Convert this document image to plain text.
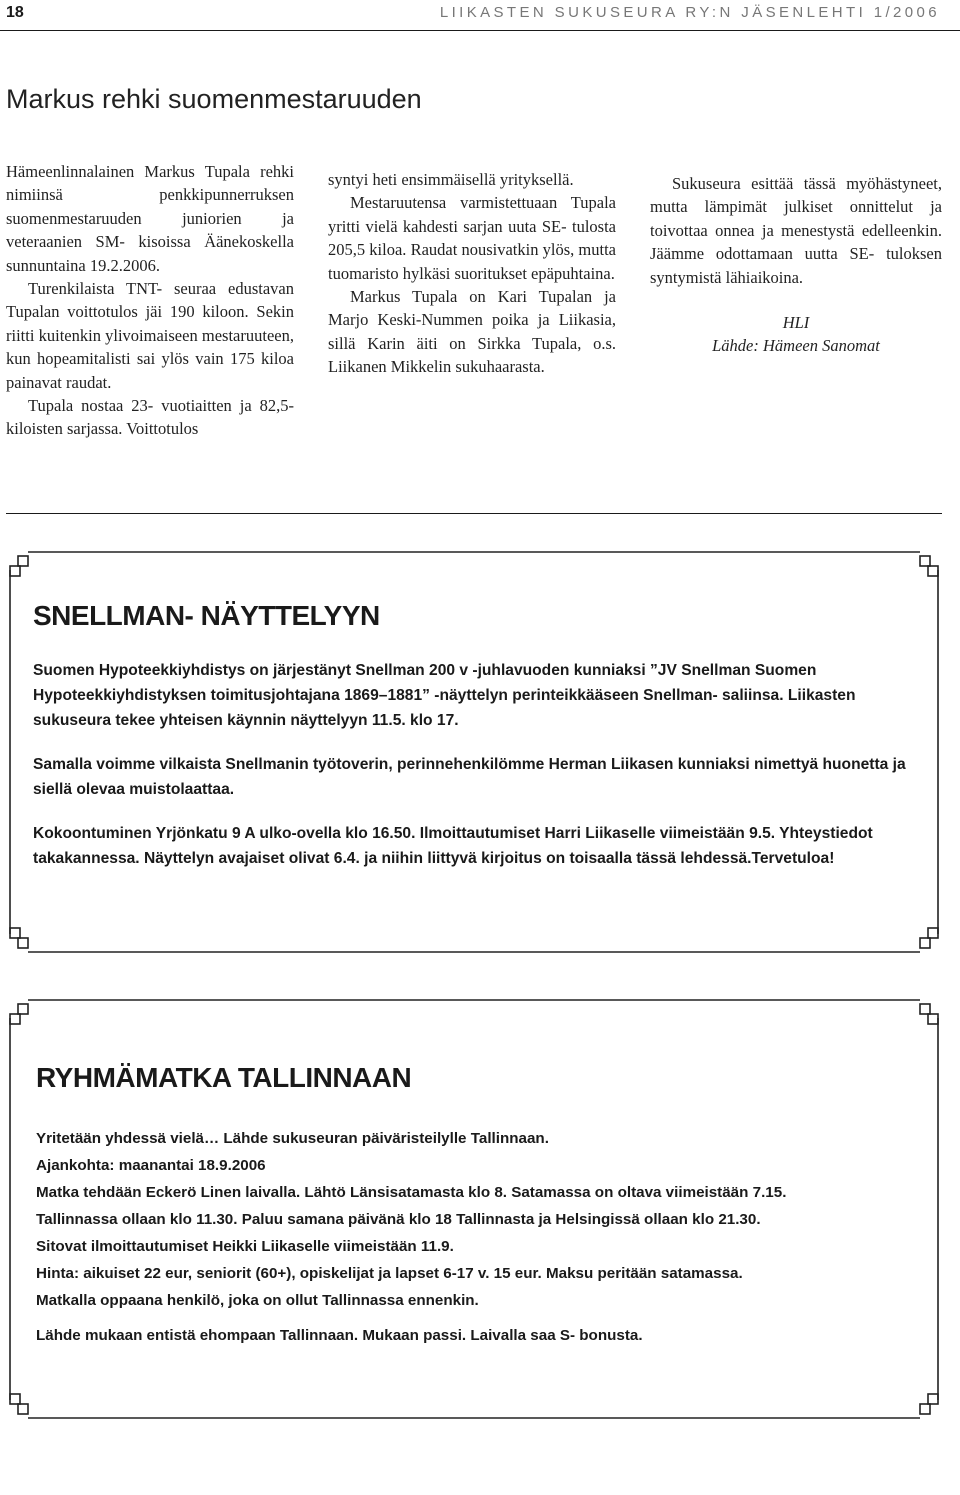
18	LIIKASTEN SUKUSEURA RY:N JÄSENLEHTI 1/2006
Markus rehki suomenmestaruuden

Hämeenlinnalainen Markus Tupala rehki nimiinsä penkkipunnerruksen suomenmestaruuden juniorien ja veteraanien SM- kisoissa Äänekoskella sunnuntaina 19.2.2006.

Turenkilaista TNT- seuraa edustavan Tupalan voittotulos jäi 190 kiloon. Sekin riitti kuitenkin ylivoimaiseen mestaruuteen, kun hopeamitalisti sai ylös vain 175 kiloa painavat raudat.

Tupala nostaa 23- vuotiaitten ja 82,5- kiloisten sarjassa. Voittotulos

syntyi heti ensimmäisellä yrityksellä.

Mestaruutensa varmistettuaan Tupala yritti vielä kahdesti sarjan uuta SE- tulosta 205,5 kiloa. Raudat nousivatkin ylös, mutta tuomaristo hylkäsi suoritukset epäpuhtaina.

Markus Tupala on Kari Tupalan ja Marjo Keski-Nummen poika ja Liikasia, sillä Karin äiti on Sirkka Tupala, o.s. Liikanen Mikkelin sukuhaarasta.

Sukuseura esittää tässä myöhästyneet, mutta lämpimät julkiset onnittelut ja toivottaa onnea ja menestystä edelleenkin. Jäämme odottamaan uutta SE- tuloksen syntymistä lähiaikoina.

HLI

Lähde: Hämeen Sanomat

SNELLMAN- NÄYTTELYYN

Suomen Hypoteekkiyhdistys on järjestänyt Snellman 200 v -juhlavuoden kunniaksi ”JV Snellman Suomen Hypoteekkiyhdistyksen toimitusjohtajana 1869–1881” -näyttelyn perinteikkääseen Snellman- saliinsa. Liikasten sukuseura tekee yhteisen käynnin näyttelyyn 11.5. klo 17.

Samalla voimme vilkaista Snellmanin työtoverin, perinnehenkilömme Herman Liikasen kunniaksi nimettyä huonetta ja siellä olevaa muistolaattaa.

Kokoontuminen Yrjönkatu 9 A ulko-ovella klo 16.50. Ilmoittautumiset Harri Liikaselle viimeistään 9.5. Yhteystiedot takakannessa. Näyttelyn avajaiset olivat 6.4. ja niihin liittyvä kirjoitus on toisaalla tässä lehdessä.Tervetuloa!

RYHMÄMATKA TALLINNAAN

Yritetään yhdessä vielä… Lähde sukuseuran päiväristeilylle Tallinnaan.

Ajankohta: maanantai 18.9.2006

Matka tehdään Eckerö Linen laivalla. Lähtö Länsisatamasta klo 8. Satamassa on oltava viimeistään 7.15.

Tallinnassa ollaan klo 11.30. Paluu samana päivänä klo 18 Tallinnasta ja Helsingissä ollaan klo 21.30.

Sitovat ilmoittautumiset Heikki Liikaselle viimeistään 11.9.

Hinta: aikuiset 22 eur, seniorit (60+), opiskelijat ja lapset 6-17 v. 15 eur. Maksu peritään satamassa.

Matkalla oppaana henkilö, joka on ollut Tallinnassa ennenkin.

Lähde mukaan entistä ehompaan Tallinnaan. Mukaan passi. Laivalla saa S- bonusta.
